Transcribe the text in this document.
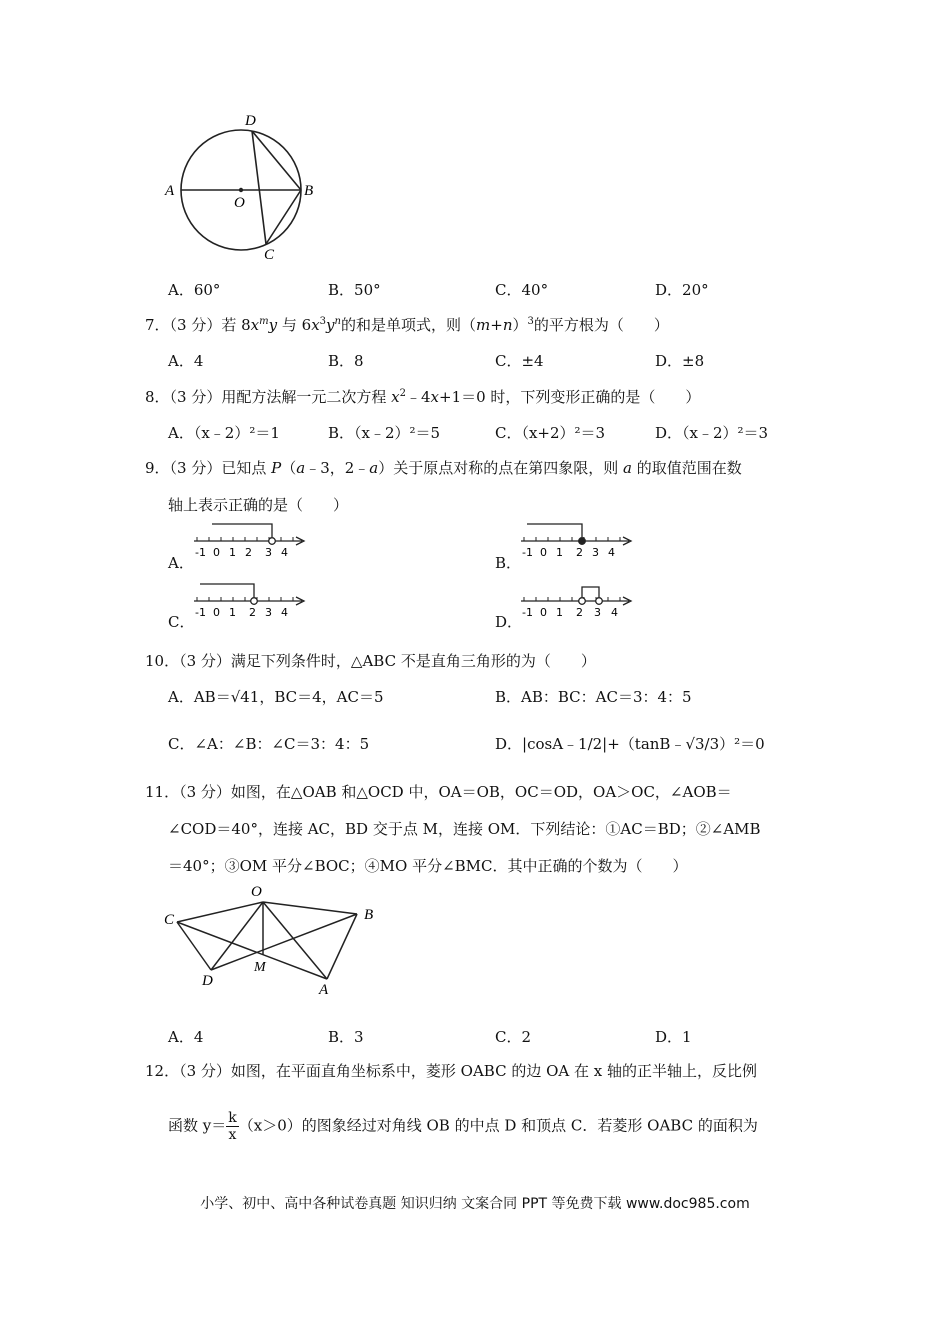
A
O
B
D
C
A．60°	B．50°	C．40°	D．20°
7．（3 分）若 $8x^my$ 与 $6x^3y^n$的和是单项式，则$(m+n)^3$的平方根为（　　）
A．4	B．8	C．±4	D．±8
8．（3 分）用配方法解一元二次方程 $x^2﹣4x+1=0$ 时，下列变形正确的是（　　）
A．（x﹣2）²＝1	B．（x﹣2）²＝5	C．（x+2）²＝3	D．（x﹣2）²＝3
9．（3 分）已知点 P（a﹣3，2﹣a）关于原点对称的点在第四象限，则 a 的取值范围在数
轴上表示正确的是（　　）
A．	B．
C．	D．
-1 0 1 2 3 4	-1 0 1 2 3 4
-1 0 1 2 3 4	-1 0 1 2 3 4
10．（3 分）满足下列条件时，△ABC 不是直角三角形的为（　　）
A．AB＝√41，BC＝4，AC＝5	B．AB：BC：AC＝3：4：5
C．∠A：∠B：∠C＝3：4：5	D．|cosA﹣1/2|+（tanB﹣√3/3）²＝0
11．（3 分）如图，在△OAB 和△OCD 中，OA＝OB，OC＝OD，OA＞OC，∠AOB＝
∠COD＝40°，连接 AC，BD 交于点 M，连接 OM．下列结论：①AC＝BD；②∠AMB
＝40°；③OM 平分∠BOC；④MO 平分∠BMC．其中正确的个数为（　　）
O
C	B
D
M
A
A．4	B．3	C．2	D．1
12．（3 分）如图，在平面直角坐标系中，菱形 OABC 的边 OA 在 x 轴的正半轴上，反比例
函数 $y= \frac{k}{x} (x>0)$的图象经过对角线 OB 的中点 D 和顶点 C．若菱形 OABC 的面积为
小学、初中、高中各种试卷真题 知识归纳 文案合同 PPT 等免费下载 www.doc985.com
